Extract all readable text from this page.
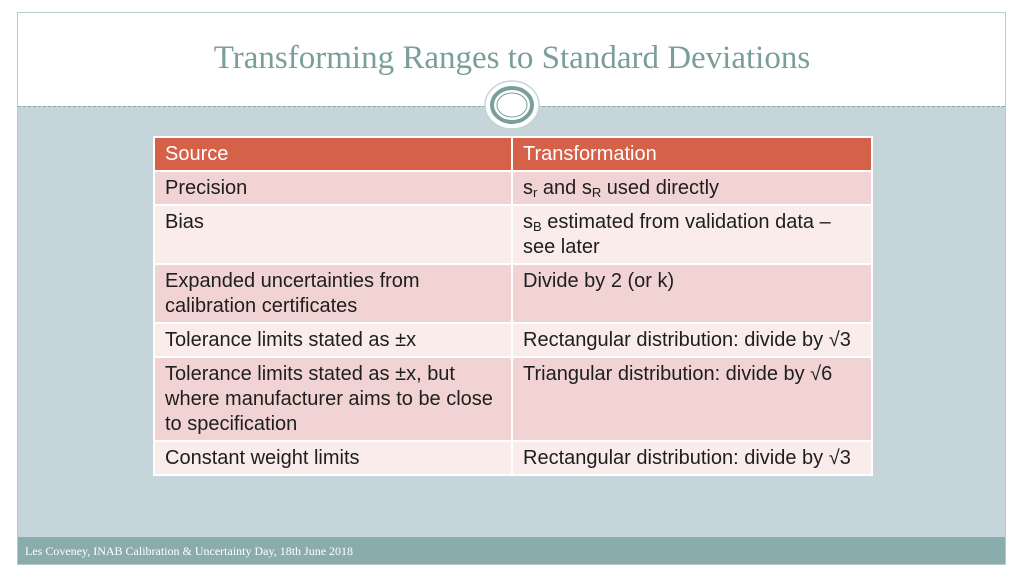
Transforming Ranges to Standard Deviations
Source	Transformation
Precision	$s_r$ and $s_R$ used directly
Bias	$s_B$ estimated from validation data – see later
Expanded uncertainties from calibration certificates	Divide by 2 (or k)
Tolerance limits stated as ±x	Rectangular distribution: divide by √3
Tolerance limits stated as ±x, but where manufacturer aims to be close to specification	Triangular distribution: divide by √6
Constant weight limits	Rectangular distribution: divide by √3
Les Coveney, INAB Calibration & Uncertainty Day, 18th June 2018
